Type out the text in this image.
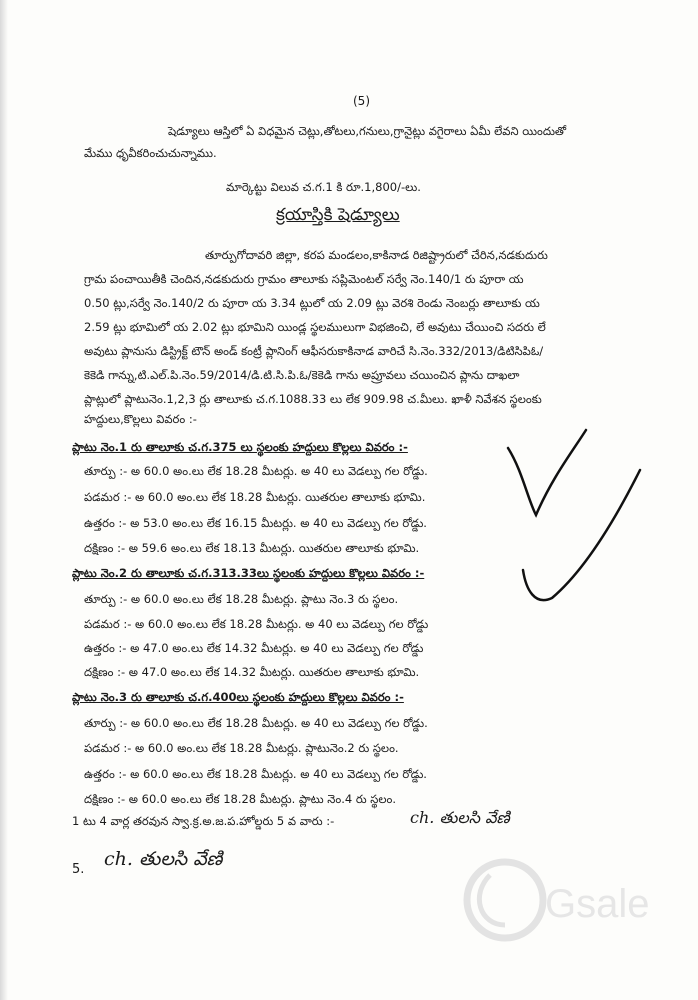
(5)
షెడ్యూలు ఆస్తిలో ఏ విధమైన చెట్లు,తోటలు,గనులు,గ్రానైట్లు వగైరాలు ఏమీ లేవని యిందుతో
మేము ధృవీకరించుచున్నాము.
మార్కెట్టు విలువ చ.గ.1 కి రూ.1,800/-లు.
క్రయాస్తికి షెడ్యూలు
తూర్పుగోదావరి జిల్లా, కరప మండలం,కాకినాడ రిజిష్ట్రారులో చేరిన,నడకుదురు
గ్రామ పంచాయితీకి చెందిన,నడకుదురు గ్రామం తాలూకు సప్లిమెంటల్ సర్వే నెం.140/1 రు పూరా య
0.50 ట్లు,సర్వే నెం.140/2 రు పూరా య 3.34 ట్లులో య 2.09 ట్లు వెరశి రెండు నెంబర్లు తాలూకు య
2.59 ట్లు భూమిలో య 2.02 ట్లు భూమిని యిండ్ల స్థలములుగా విభజించి, లే అవుటు చేయించి సదరు లే
అవుటు ప్లానుసు డిస్ట్రిక్ట్ టౌన్ అండ్ కంట్రీ ప్లానింగ్ ఆఫీసరుకాకినాడ వారిచే సి.నెం.332/2013/డిటిసిపిఓ/
కెకెడి గాన్ను,టి.ఎల్.పి.నెం.59/2014/డి.టి.సి.పి.ఓ/కెకెడి గాను అప్రూవలు చయించిన ప్లాను దాఖలా
ప్లాట్లులో ప్లాటునెం.1,2,3 ర్లు తాలూకు చ.గ.1088.33 లు లేక 909.98 చ.మీలు. ఖాళీ నివేశన స్థలంకు
హద్దులు,కొల్లలు వివరం :-
ప్లాటు నెం.1 రు తాలూకు చ.గ.375 లు స్థలంకు హద్దులు కొల్లలు వివరం :-
తూర్పు :- అ 60.0 అం.లు లేక 18.28 మీటర్లు. అ 40 లు వెడల్పు గల రోడ్డు.
పడమర :- అ 60.0 అం.లు లేక 18.28 మీటర్లు. యితరుల తాలూకు భూమి.
ఉత్తరం :- అ 53.0 అం.లు లేక 16.15 మీటర్లు. అ 40 లు వెడల్పు గల రోడ్డు.
దక్షిణం :- అ 59.6 అం.లు లేక 18.13 మీటర్లు. యితరుల తాలూకు భూమి.
ప్లాటు నెం.2 రు తాలూకు చ.గ.313.33లు స్థలంకు హద్దులు కొల్లలు వివరం :-
తూర్పు :- అ 60.0 అం.లు లేక 18.28 మీటర్లు. ప్లాటు నెం.3 రు స్థలం.
పడమర :- అ 60.0 అం.లు లేక 18.28 మీటర్లు. అ 40 లు వెడల్పు గల రోడ్డు
ఉత్తరం :- అ 47.0 అం.లు లేక 14.32 మీటర్లు. అ 40 లు వెడల్పు గల రోడ్డు
దక్షిణం :- అ 47.0 అం.లు లేక 14.32 మీటర్లు. యితరుల తాలూకు భూమి.
ప్లాటు నెం.3 రు తాలూకు చ.గ.400లు స్థలంకు హద్దులు కొల్లలు వివరం :-
తూర్పు :- అ 60.0 అం.లు లేక 18.28 మీటర్లు. అ 40 లు వెడల్పు గల రోడ్డు.
పడమర :- అ 60.0 అం.లు లేక 18.28 మీటర్లు. ప్లాటునెం.2 రు స్థలం.
ఉత్తరం :- అ 60.0 అం.లు లేక 18.28 మీటర్లు. అ 40 లు వెడల్పు గల రోడ్డు.
దక్షిణం :- అ 60.0 అం.లు లేక 18.28 మీటర్లు. ప్లాటు నెం.4 రు స్థలం.
1 టు 4 వార్ల తరవున స్వా.క్ర.అ.జ.ప.హోల్డరు 5 వ వారు :-	ch. తులసి వేణి
5. ch. తులసి వేణి
Gsale
